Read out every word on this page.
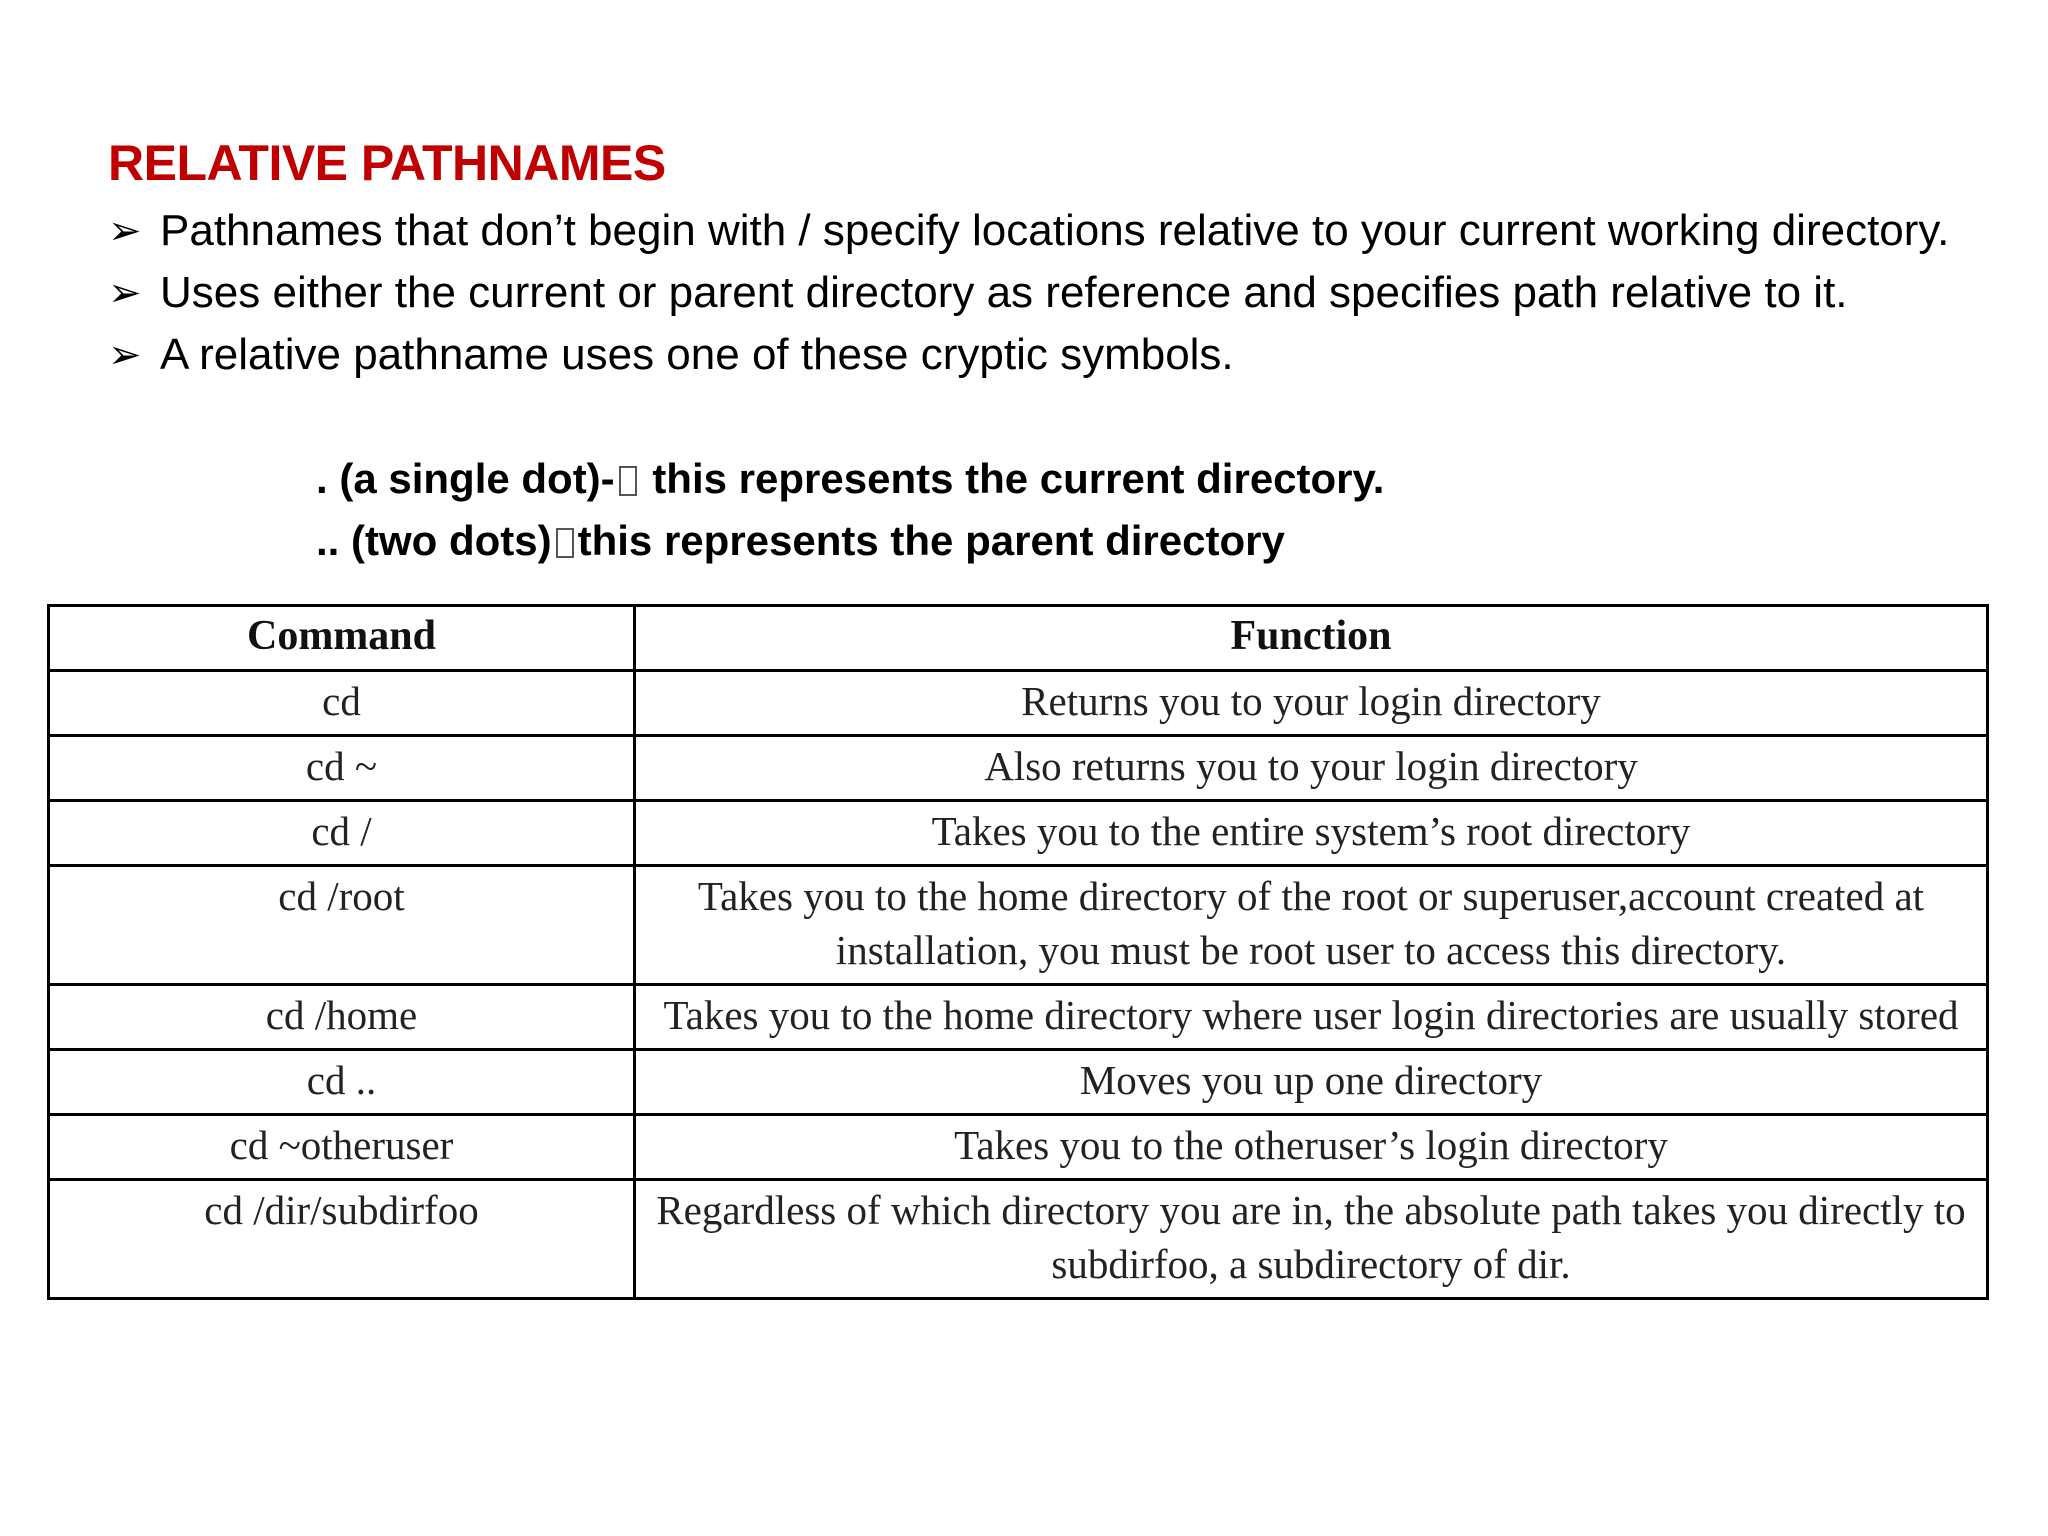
RELATIVE PATHNAMES
➢ Pathnames that don’t begin with / specify locations relative to your current working directory.
➢ Uses either the current or parent directory as reference and specifies path relative to it.
➢ A relative pathname uses one of these cryptic symbols.
. (a single dot)- this represents the current directory.
.. (two dots) this represents the parent directory
Command	Function
cd	Returns you to your login directory
cd ~	Also returns you to your login directory
cd /	Takes you to the entire system’s root directory
cd /root	Takes you to the home directory of the root or superuser,account created at installation, you must be root user to access this directory.
cd /home	Takes you to the home directory where user login directories are usually stored
cd ..	Moves you up one directory
cd ~otheruser	Takes you to the otheruser’s login directory
cd /dir/subdirfoo	Regardless of which directory you are in, the absolute path takes you directly to subdirfoo, a subdirectory of dir.
